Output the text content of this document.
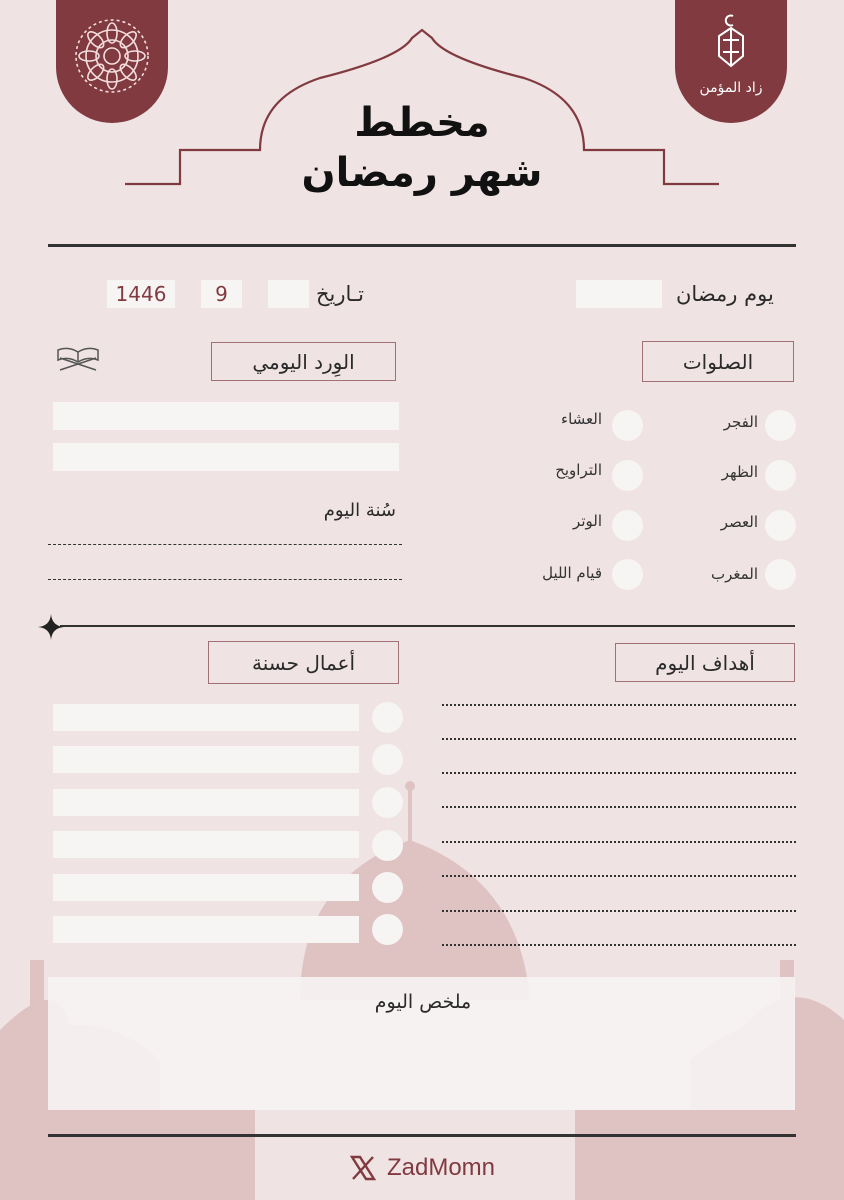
زاد المؤمن
مخطط
شهر رمضان
يوم رمضان
تـاريخ
9
1446
الصلوات
الفجر
الظهر
العصر
المغرب
العشاء
التراويح
الوتر
قيام الليل
الوِرد اليومي
سُنة اليوم
أهداف اليوم
أعمال حسنة
ملخص اليوم
ZadMomn
